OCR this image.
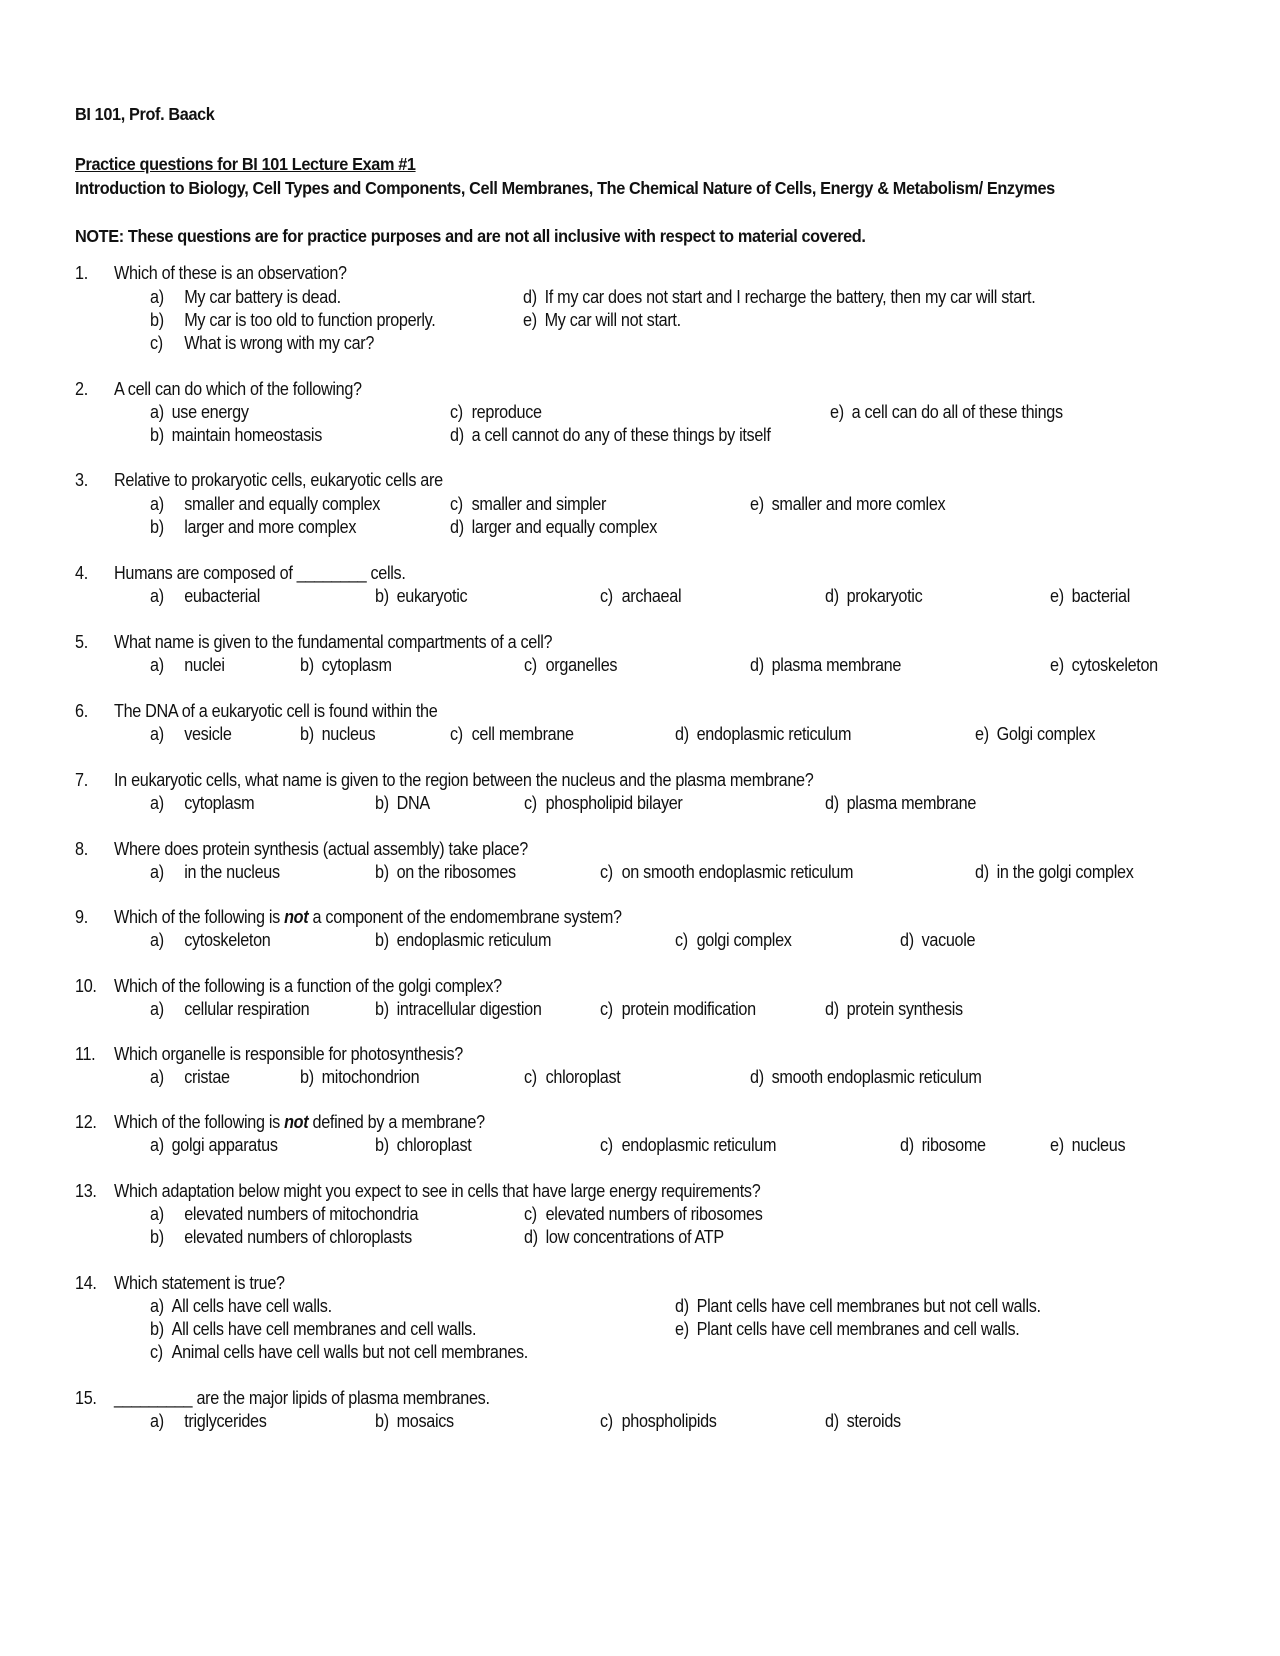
BI 101, Prof. Baack
Practice questions for BI 101 Lecture Exam #1
Introduction to Biology, Cell Types and Components, Cell Membranes, The Chemical Nature of Cells, Energy & Metabolism/ Enzymes
NOTE: These questions are for practice purposes and are not all inclusive with respect to material covered.
1. Which of these is an observation?
a) My car battery is dead.
b) My car is too old to function properly.
c) What is wrong with my car?
d) If my car does not start and I recharge the battery, then my car will start.
e) My car will not start.
2. A cell can do which of the following?
a) use energy
b) maintain homeostasis
c) reproduce
d) a cell cannot do any of these things by itself
e) a cell can do all of these things
3. Relative to prokaryotic cells, eukaryotic cells are
a) smaller and equally complex
b) larger and more complex
c) smaller and simpler
d) larger and equally complex
e) smaller and more comlex
4. Humans are composed of ________ cells.
a) eubacterial	b) eukaryotic	c) archaeal	d) prokaryotic	e) bacterial
5. What name is given to the fundamental compartments of a cell?
a) nuclei	b) cytoplasm	c) organelles	d) plasma membrane	e) cytoskeleton
6. The DNA of a eukaryotic cell is found within the
a) vesicle	b) nucleus	c) cell membrane	d) endoplasmic reticulum	e) Golgi complex
7. In eukaryotic cells, what name is given to the region between the nucleus and the plasma membrane?
a) cytoplasm	b) DNA	c) phospholipid bilayer	d) plasma membrane
8. Where does protein synthesis (actual assembly) take place?
a) in the nucleus	b) on the ribosomes	c) on smooth endoplasmic reticulum	d) in the golgi complex
9. Which of the following is not a component of the endomembrane system?
a) cytoskeleton	b) endoplasmic reticulum	c) golgi complex	d) vacuole
10. Which of the following is a function of the golgi complex?
a) cellular respiration	b) intracellular digestion	c) protein modification	d) protein synthesis
11. Which organelle is responsible for photosynthesis?
a) cristae	b) mitochondrion	c) chloroplast	d) smooth endoplasmic reticulum
12. Which of the following is not defined by a membrane?
a) golgi apparatus	b) chloroplast	c) endoplasmic reticulum	d) ribosome	e) nucleus
13. Which adaptation below might you expect to see in cells that have large energy requirements?
a) elevated numbers of mitochondria
b) elevated numbers of chloroplasts
c) elevated numbers of ribosomes
d) low concentrations of ATP
14. Which statement is true?
a) All cells have cell walls.
b) All cells have cell membranes and cell walls.
c) Animal cells have cell walls but not cell membranes.
d) Plant cells have cell membranes but not cell walls.
e) Plant cells have cell membranes and cell walls.
15. _________ are the major lipids of plasma membranes.
a) triglycerides	b) mosaics	c) phospholipids	d) steroids
